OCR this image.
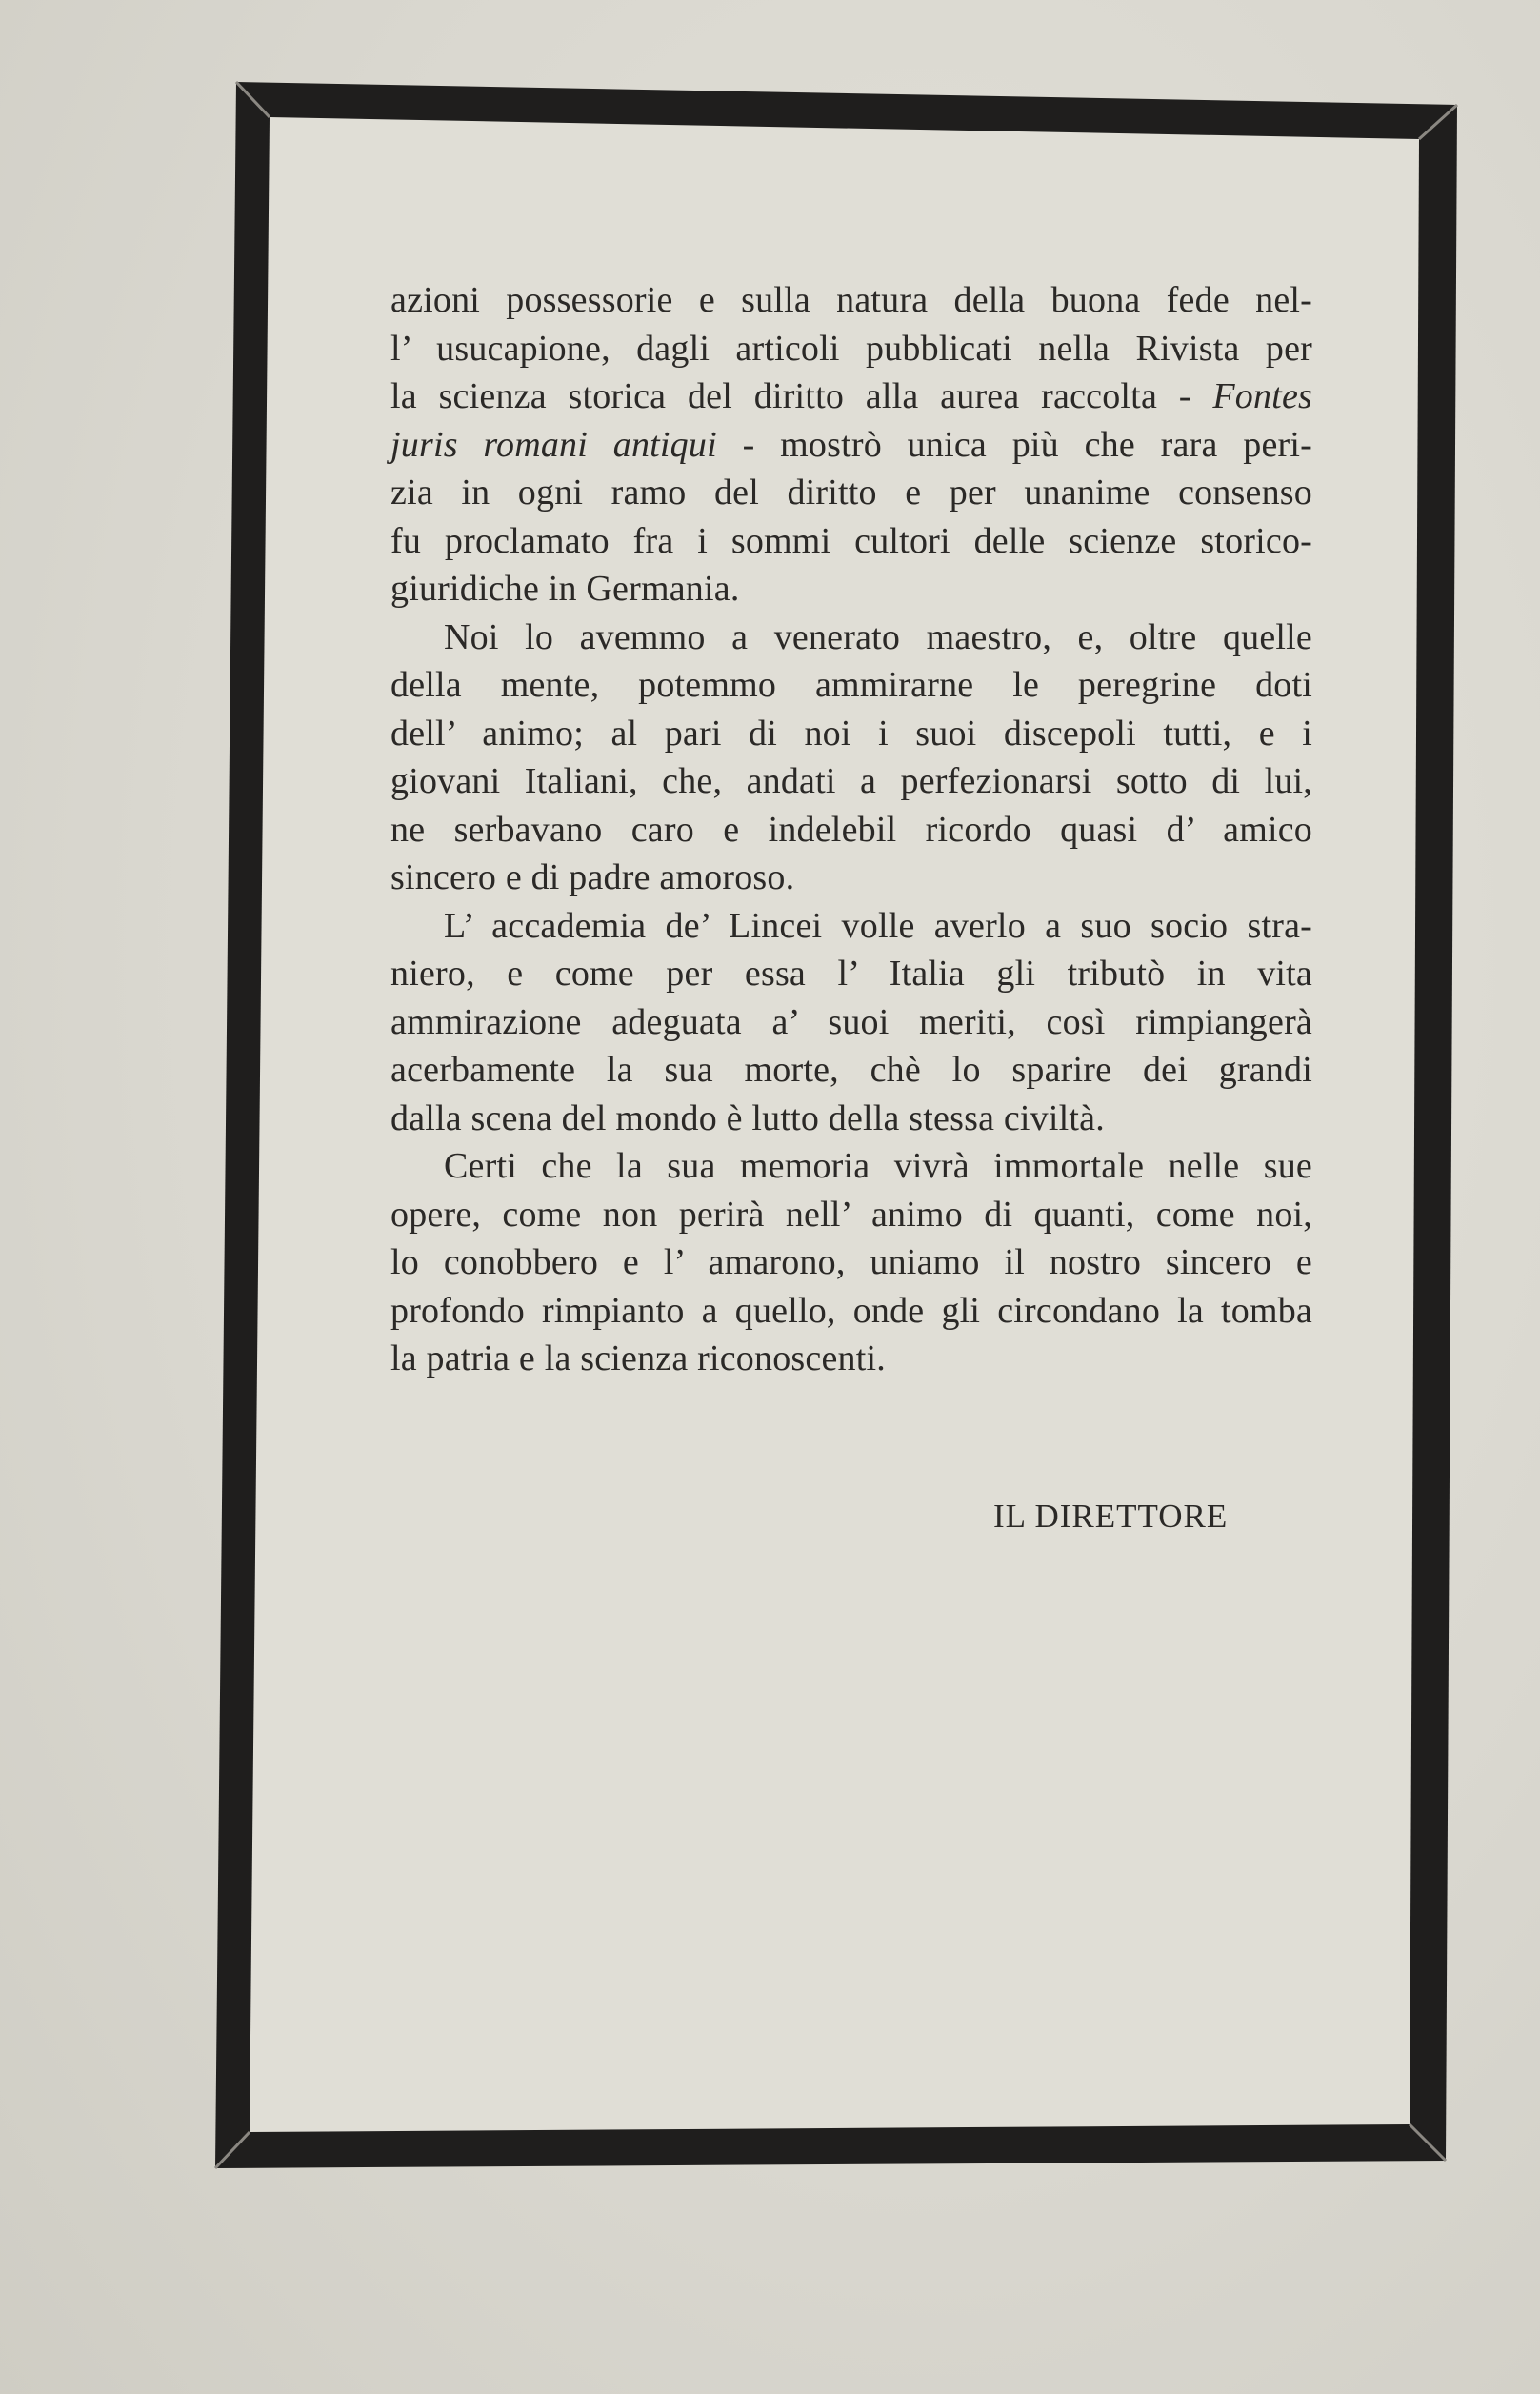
azioni possessorie e sulla natura della buona fede nel-
l’ usucapione, dagli articoli pubblicati nella Rivista per
la scienza storica del diritto alla aurea raccolta - Fontes
juris romani antiqui - mostrò unica più che rara peri-
zia in ogni ramo del diritto e per unanime consenso
fu proclamato fra i sommi cultori delle scienze storico-
giuridiche in Germania.
Noi lo avemmo a venerato maestro, e, oltre quelle
della mente, potemmo ammirarne le peregrine doti
dell’ animo; al pari di noi i suoi discepoli tutti, e i
giovani Italiani, che, andati a perfezionarsi sotto di lui,
ne serbavano caro e indelebil ricordo quasi d’ amico
sincero e di padre amoroso.
L’ accademia de’ Lincei volle averlo a suo socio stra-
niero, e come per essa l’ Italia gli tributò in vita
ammirazione adeguata a’ suoi meriti, così rimpiangerà
acerbamente la sua morte, chè lo sparire dei grandi
dalla scena del mondo è lutto della stessa civiltà.
Certi che la sua memoria vivrà immortale nelle sue
opere, come non perirà nell’ animo di quanti, come noi,
lo conobbero e l’ amarono, uniamo il nostro sincero e
profondo rimpianto a quello, onde gli circondano la tomba
la patria e la scienza riconoscenti.
IL DIRETTORE
